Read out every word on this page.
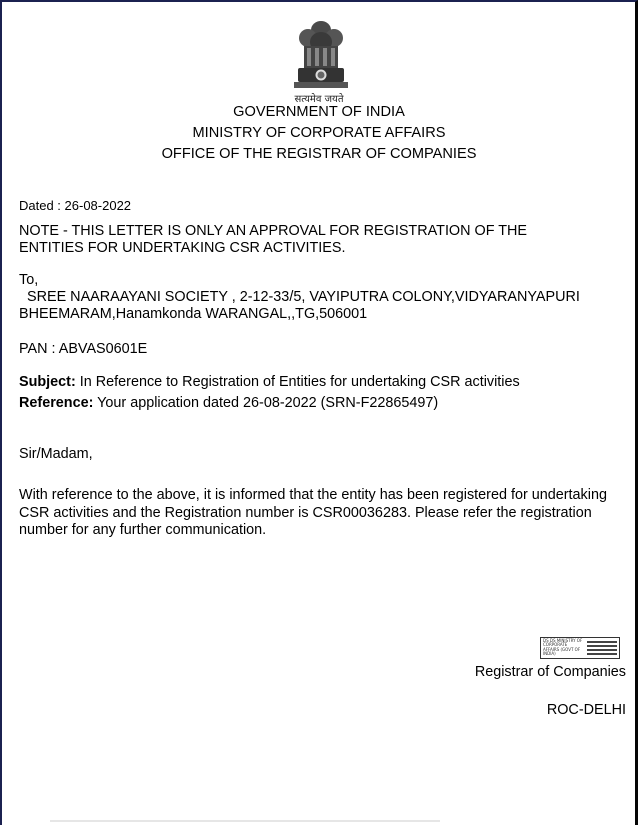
सत्यमेव जयते
GOVERNMENT OF INDIA
MINISTRY OF CORPORATE AFFAIRS
OFFICE OF THE REGISTRAR OF COMPANIES
Dated : 26-08-2022
NOTE - THIS LETTER IS ONLY AN APPROVAL FOR REGISTRATION OF THE
ENTITIES FOR UNDERTAKING CSR ACTIVITIES.
To,
SREE NAARAAYANI SOCIETY , 2-12-33/5, VAYIPUTRA COLONY,VIDYARANYAPURI
BHEEMARAM,Hanamkonda WARANGAL,,TG,506001
PAN : ABVAS0601E
Subject: In Reference to Registration of Entities for undertaking CSR activities
Reference: Your application dated 26-08-2022 (SRN-F22865497)
Sir/Madam,
With reference to the above, it is informed that the entity has been registered for undertaking
CSR activities and the Registration number is CSR00036283. Please refer the registration
number for any further communication.
DS DS MINISTRY OF CORPORATE AFFAIRS (GOVT OF INDIA)
Registrar of Companies
ROC-DELHI
